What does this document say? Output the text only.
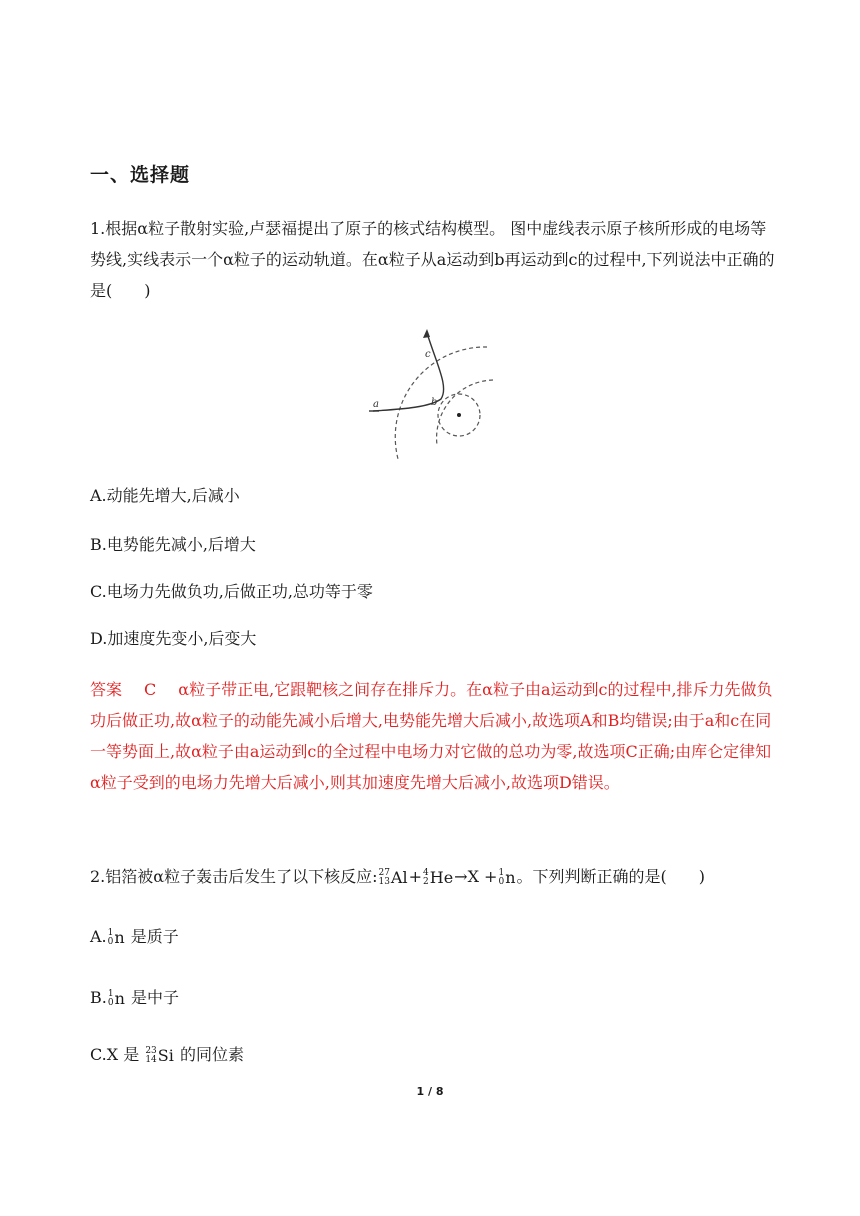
一、选择题
1.根据α粒子散射实验,卢瑟福提出了原子的核式结构模型。 图中虚线表示原子核所形成的电场等势线,实线表示一个α粒子的运动轨道。在α粒子从a运动到b再运动到c的过程中,下列说法中正确的是(　　)
a	b
c
A.动能先增大,后减小
B.电势能先减小,后增大
C.电场力先做负功,后做正功,总功等于零
D.加速度先变小,后变大
答案 C α粒子带正电,它跟靶核之间存在排斥力。在α粒子由a运动到c的过程中,排斥力先做负功后做正功,故α粒子的动能先减小后增大,电势能先增大后减小,故选项A和B均错误;由于a和c在同一等势面上,故α粒子由a运动到c的全过程中电场力对它做的总功为零,故选项C正确;由库仑定律知α粒子受到的电场力先增大后减小,则其加速度先增大后减小,故选项D错误。
2.铝箔被α粒子轰击后发生了以下核反应: 27
13 Al + 4
2 He →X + 1
0 n 。下列判断正确的是(　　)
A. 1
0 n 是质子
B. 1
0 n 是中子
C.X 是 23
14 Si 的同位素
1 / 8
